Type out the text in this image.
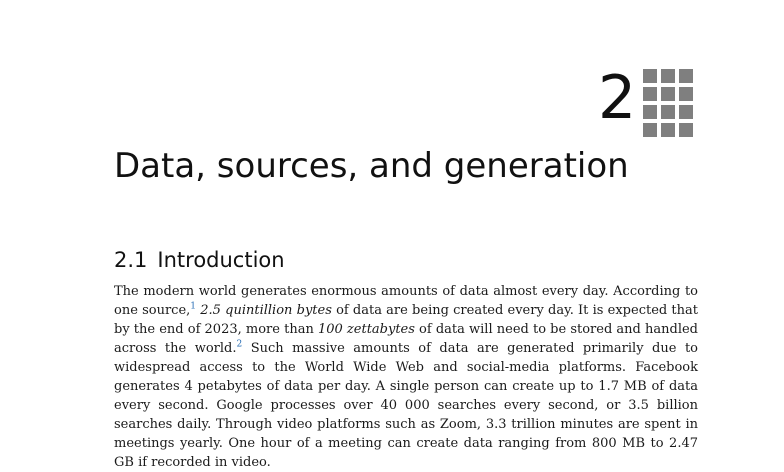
2
Data, sources, and generation
2.1 Introduction

The modern world generates enormous amounts of data almost every day. According to one source,$^1$ 2.5 quintillion bytes of data are being created every day. It is expected that by the end of 2023, more than 100 zettabytes of data will need to be stored and handled across the world.$^2$ Such massive amounts of data are generated primarily due to widespread access to the World Wide Web and social-media platforms. Facebook generates 4 petabytes of data per day. A single person can create up to 1.7 MB of data every second. Google processes over 40 000 searches every second, or 3.5 billion searches daily. Through video platforms such as Zoom, 3.3 trillion minutes are spent in meetings yearly. One hour of a meeting can create data ranging from 800 MB to 2.47 GB if recorded in video.
